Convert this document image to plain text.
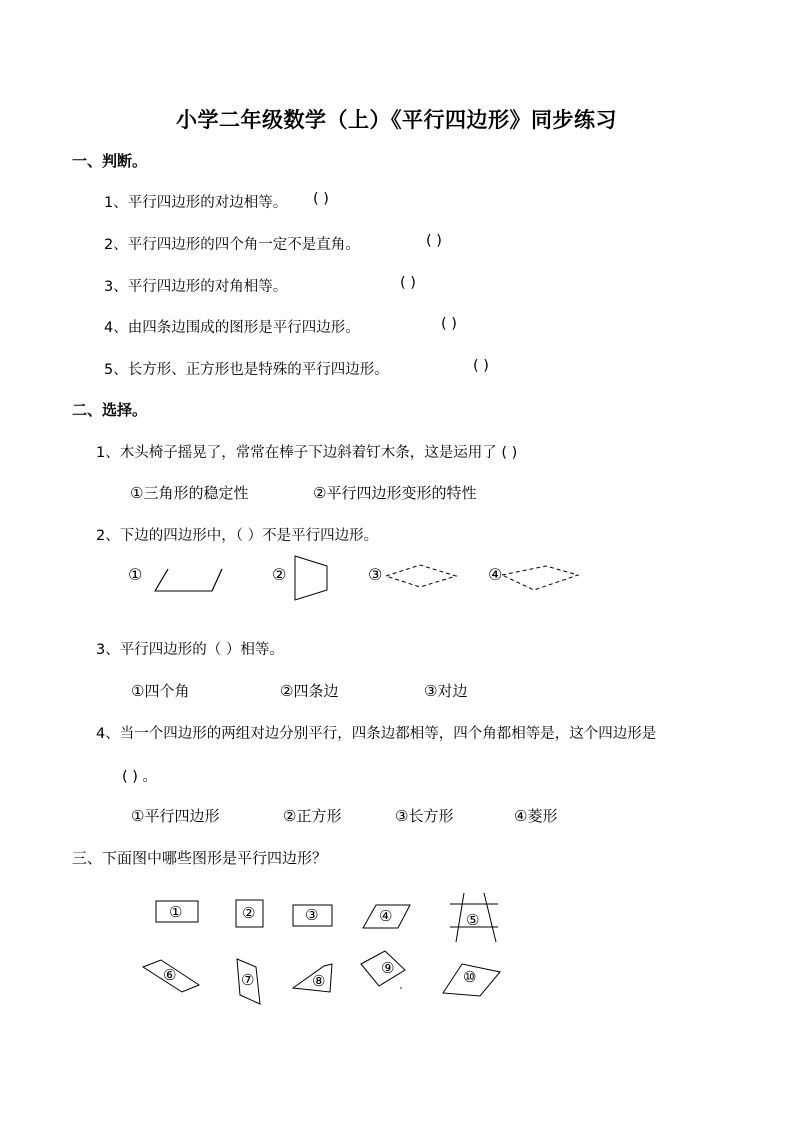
小学二年级数学（上）《平行四边形》同步练习
一、判断。
1、平行四边形的对边相等。 ( )
2、平行四边形的四个角一定不是直角。	( )
3、平行四边形的对角相等。	( )
4、由四条边围成的图形是平行四边形。	( )
5、长方形、正方形也是特殊的平行四边形。	( )
二、选择。
1、木头椅子摇晃了，常常在棒子下边斜着钉木条，这是运用了 ( )
①三角形的稳定性	②平行四边形变形的特性
2、下边的四边形中，（ ）不是平行四边形。
①	②	③	④
3、平行四边形的（ ）相等。
①四个角	②四条边	③对边
4、当一个四边形的两组对边分别平行，四条边都相等，四个角都相等是，这个四边形是
( ) 。
①平行四边形	②正方形	③长方形	④菱形
三、下面图中哪些图形是平行四边形？
①	②	③	④	⑤
⑥	⑦	⑧
⑨	⑩
